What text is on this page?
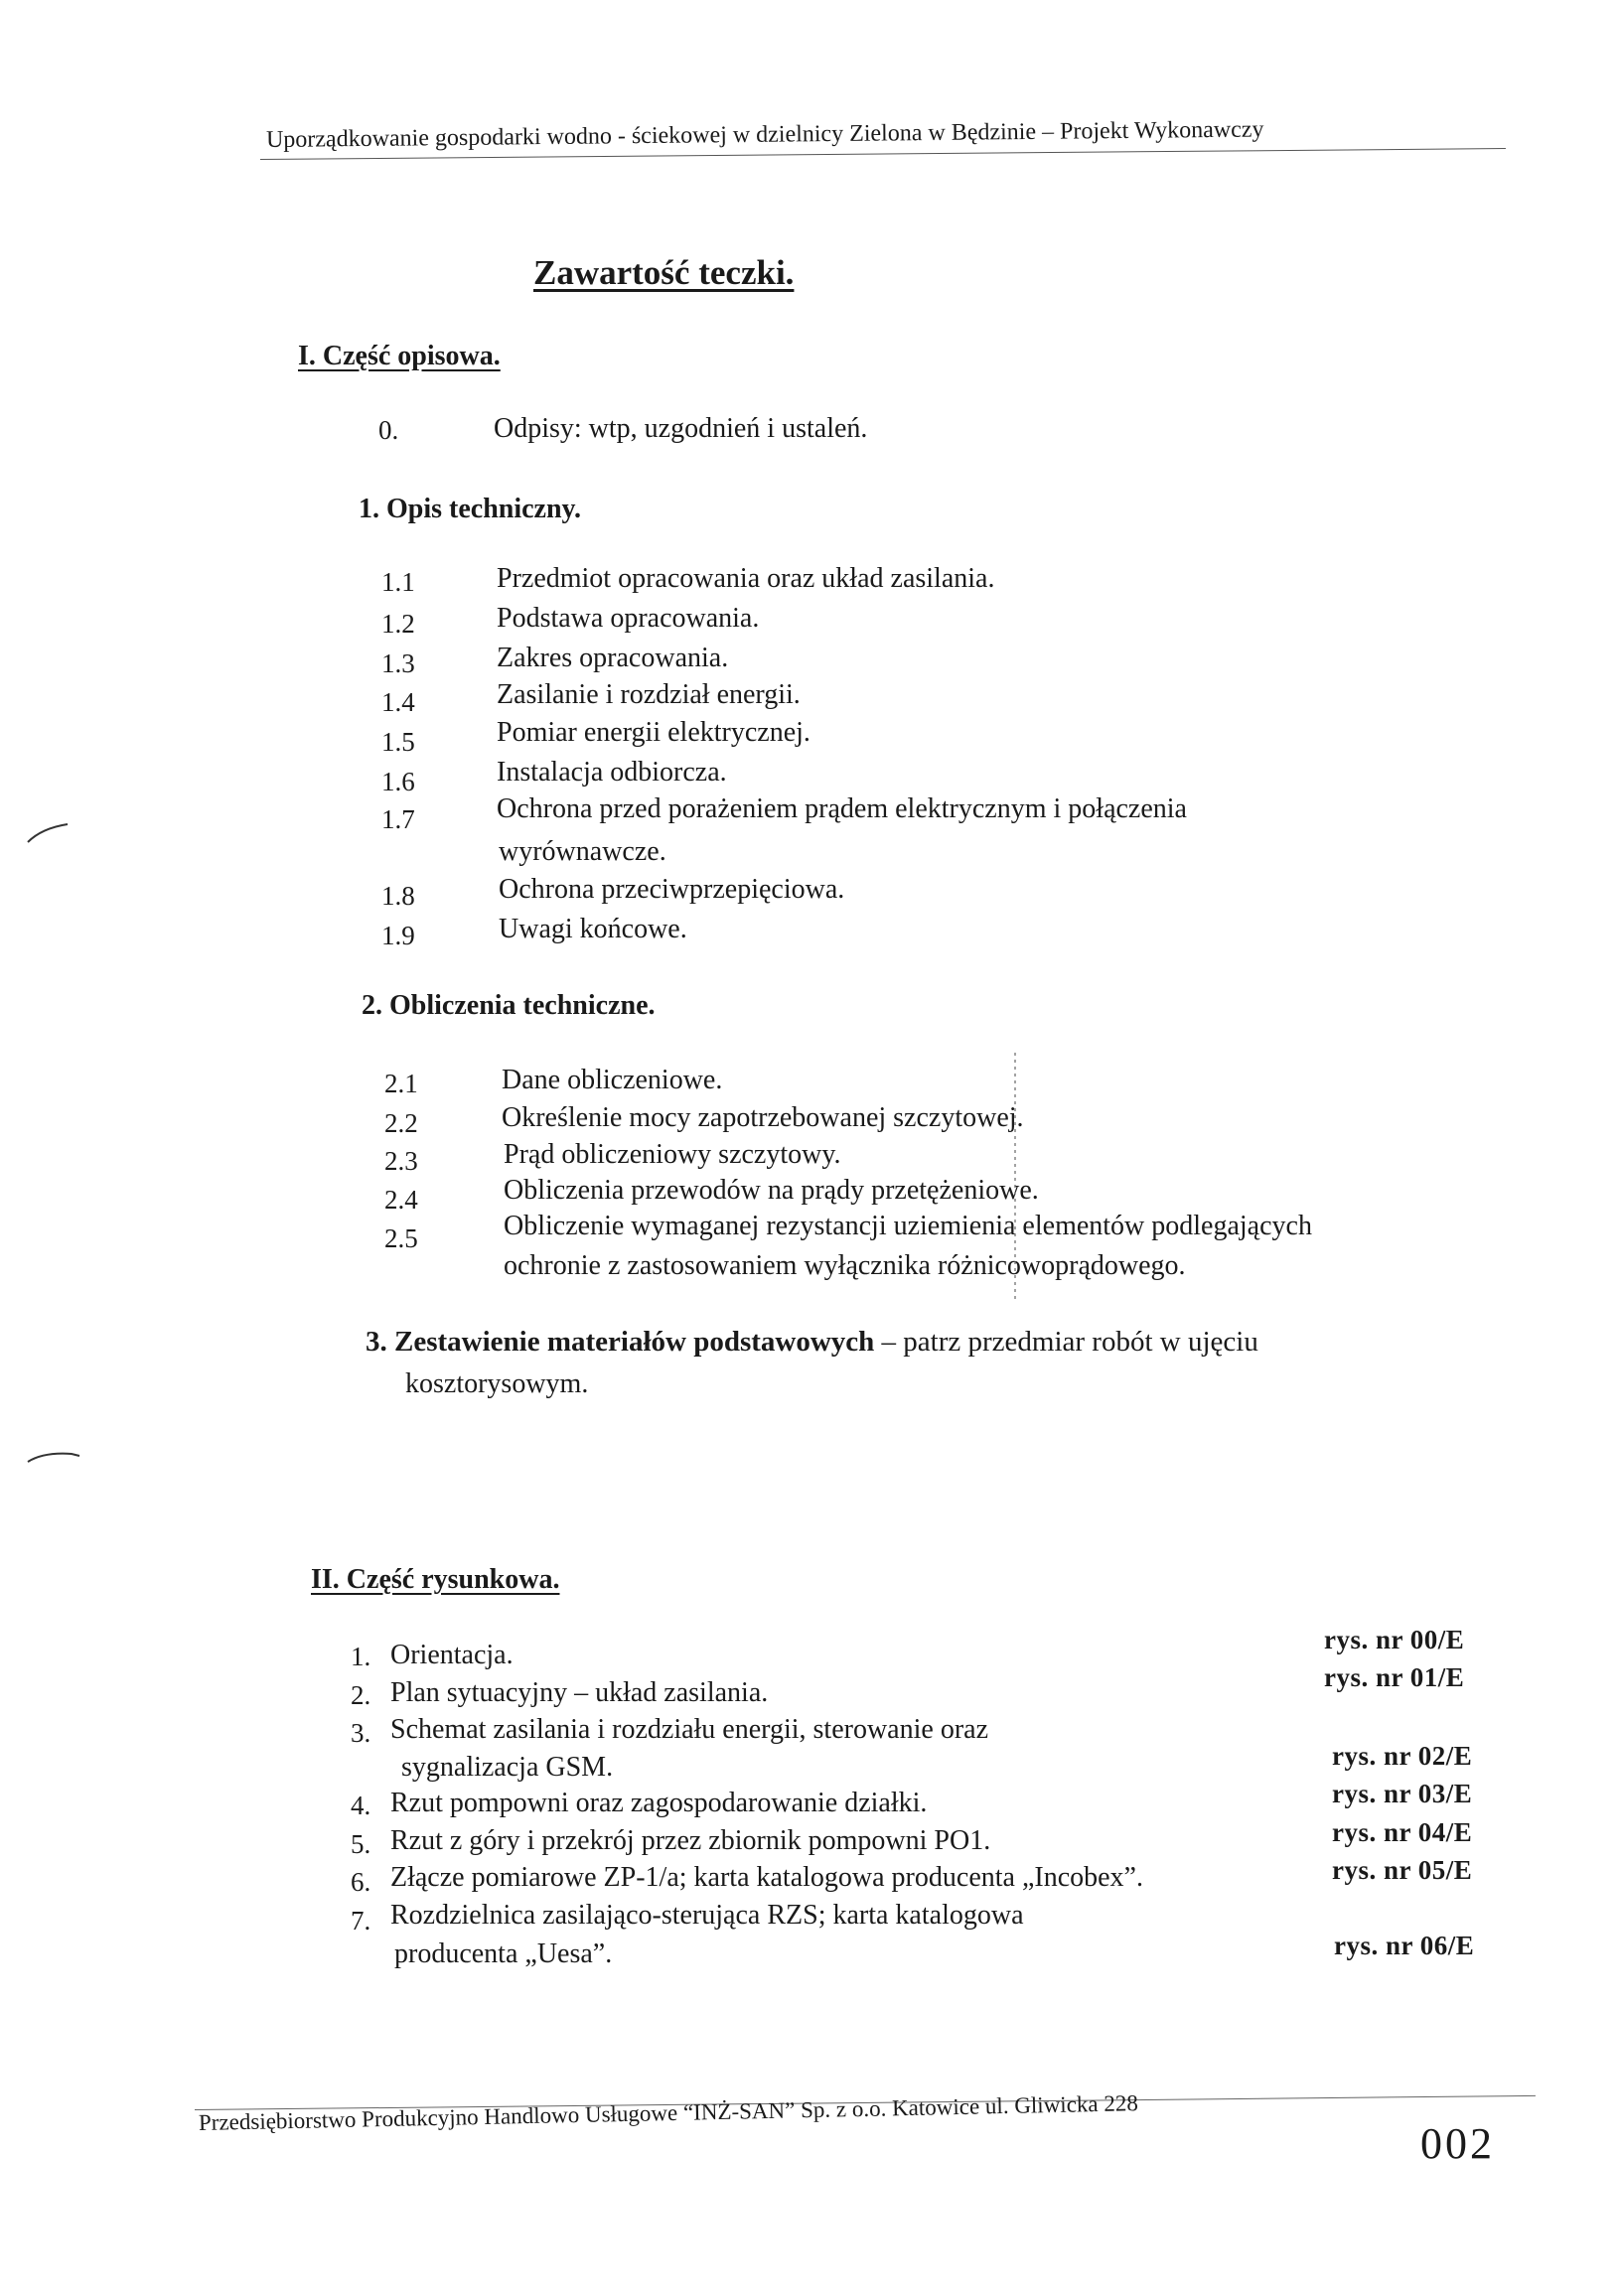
Uporządkowanie gospodarki wodno - ściekowej w dzielnicy Zielona w Będzinie – Projekt Wykonawczy
Zawartość teczki.
I. Część opisowa.
0.	Odpisy: wtp, uzgodnień i ustaleń.
1. Opis techniczny.
1.1	Przedmiot opracowania oraz układ zasilania.
1.2	Podstawa opracowania.
1.3	Zakres opracowania.
1.4	Zasilanie i rozdział energii.
1.5	Pomiar energii elektrycznej.
1.6	Instalacja odbiorcza.
1.7	Ochrona przed porażeniem prądem elektrycznym i połączenia
wyrównawcze.
1.8	Ochrona przeciwprzepięciowa.
1.9	Uwagi końcowe.
2. Obliczenia techniczne.
2.1	Dane obliczeniowe.
2.2	Określenie mocy zapotrzebowanej szczytowej.
2.3	Prąd obliczeniowy szczytowy.
2.4	Obliczenia przewodów na prądy przetężeniowe.
2.5	Obliczenie wymaganej rezystancji uziemienia elementów podlegających
ochronie z zastosowaniem wyłącznika różnicowoprądowego.
3. Zestawienie materiałów podstawowych – patrz przedmiar robót w ujęciu
kosztorysowym.
II. Część rysunkowa.
1. Orientacja.	rys. nr 00/E
2. Plan sytuacyjny – układ zasilania.	rys. nr 01/E
3. Schemat zasilania i rozdziału energii, sterowanie oraz
sygnalizacja GSM.	rys. nr 02/E
4. Rzut pompowni oraz zagospodarowanie działki.	rys. nr 03/E
5. Rzut z góry i przekrój przez zbiornik pompowni PO1.	rys. nr 04/E
6. Złącze pomiarowe ZP-1/a; karta katalogowa producenta „Incobex”.	rys. nr 05/E
7. Rozdzielnica zasilająco-sterująca RZS; karta katalogowa
producenta „Uesa”.	rys. nr 06/E
Przedsiębiorstwo Produkcyjno Handlowo Usługowe “INŻ-SAN” Sp. z o.o. Katowice ul. Gliwicka 228
002
